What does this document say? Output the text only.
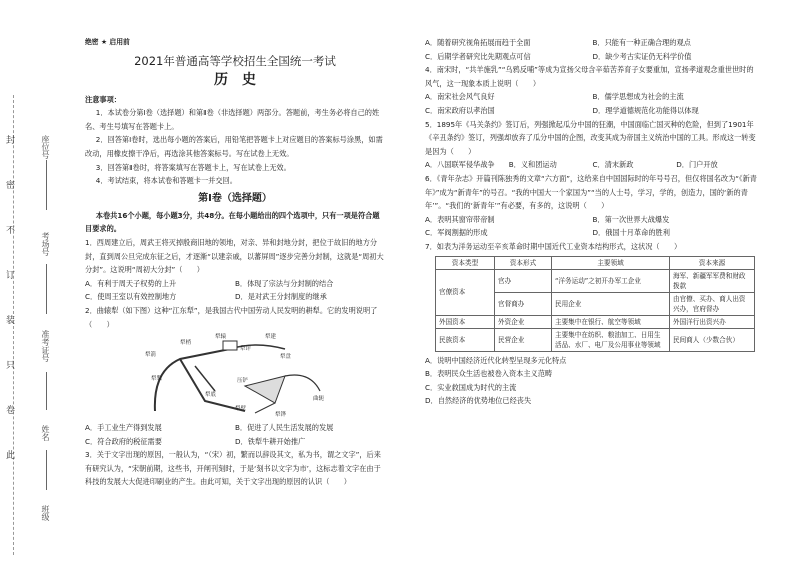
封
密
不
订
装
只
卷
此
座位号
考场号
准考证号
姓名
班级

绝密 ★ 启用前

2021年普通高等学校招生全国统一考试

历　史

注意事项：

1．本试卷分第Ⅰ卷（选择题）和第Ⅱ卷（非选择题）两部分。答题前，考生务必将自己的姓名、考生号填写在答题卡上。

2．回答第Ⅰ卷时，选出每小题的答案后，用铅笔把答题卡上对应题目的答案标号涂黑，如需改动，用橡皮擦干净后，再选涂其他答案标号。写在试卷上无效。

3．回答第Ⅱ卷时，将答案填写在答题卡上，写在试卷上无效。

4．考试结束，将本试卷和答题卡一并交回。

第Ⅰ卷（选择题）

本卷共16个小题，每小题3分，共48分。在每小题给出的四个选项中，只有一项是符合题目要求的。

1．西周建立后，周武王将灭掉殷商旧地的领地，对亲、异和封地分封，把位于故旧的地方分封，直到周公旦完成东征之后，才逐渐“以建亲戚，以蕃屏周”逐步完善分封制，这就是“周初大分封”。这说明“周初大分封”（　　）

A．有利于周天子权势的上升	B．体现了宗法与分封制的结合
C．使周王室以有效控制地方	D．是对武王分封制度的继承

2．曲辕犁（如下图）这种“江东犁”，是我国古代中国劳动人民发明的耕犁。它的发明说明了（　　）

犁箭
犁梢
犁辕
犁评
犁建
犁盘
犁槃
犁底
压铲
犁壁
犁铧
曲轭
A．手工业生产得到发展	B．促进了人民生活发展的发展
C．符合政府的税征需要	D．铁犁牛耕开始推广

3．关于文字出现的原因，一般认为，“（宋）初，繁而以辞设其文，私为书，谓之文字”，后来有研究认为，“宋朝前期，这些书，开闸刊刻时，于是‘刻书以文字为市’，这标志着文字在由于科技的发展大大促进印刷业的产生。由此可知，关于文字出现的原因的认识（　　）

A．随着研究视角拓展而趋于全面	B．只能有一种正确合理的观点
C．后期学者研究比先期观点可信	D．缺少考古实证仍无科学价值

4．南宋时，“共羊施乳”“乌鸦反哺”等成为宣扬父母含辛茹苦养育子女要重加，宣扬孝道观念重世世时的风气，这一现象本质上说明（　　）

A．南宋社会风气良好	B．儒学思想成为社会的主流
C．南宋政府以孝治国	D．理学道德规范化功能得以体现

5．1895年《马关条约》签订后，列强掀起瓜分中国的狂潮，中国面临亡国灭种的危险，但到了1901年《辛丑条约》签订，列强却放弃了瓜分中国的企图，改变其成为帝国主义统治中国的工具。形成这一转变是因为（　　）

A．八国联军侵华战争	B．义和团运动	C．清末新政	D．门户开放

6．《青年杂志》开篇刊陈独秀的文章“六方面”，这给来自中国国际时的年号号召，但仅将国名改为“《新青年》”成为“新青年”的号召。“我的中国大一个家国为”“当的人士号，学习，学的，创造力，国的‘新的青年’”。“我们的‘新青年’”有必要，有多的，这说明（　　）

A．表明其窗帘带帝制	B．第一次世界大战爆发
C．军阀割据的形成	D．俄国十月革命的胜利

7．如表为洋务运动至辛亥革命时期中国近代工业资本结构形式，这状况（　　）

资本类型	资本形式	主要领域	资本来源
官僚资本	官办	“洋务运动”之初开办军工企业	海军、新疆军军费和财政拨款
	官督商办	民用企业	由官僚、买办、商人出资兴办，官府督办
外国资本	外资企业	主要集中在银行、航空等领域	外国洋行出资兴办
民族资本	民营企业	主要集中在纺织、粮油加工、日用生活品、水厂、电厂及公用事业等领域	民间商人（少数合伙）

A．说明中国经济近代化转型呈现多元化特点

B．表明民众生活也被卷入资本主义范畴

C．实业救国成为时代的主流

D．自然经济的优势地位已经丧失
